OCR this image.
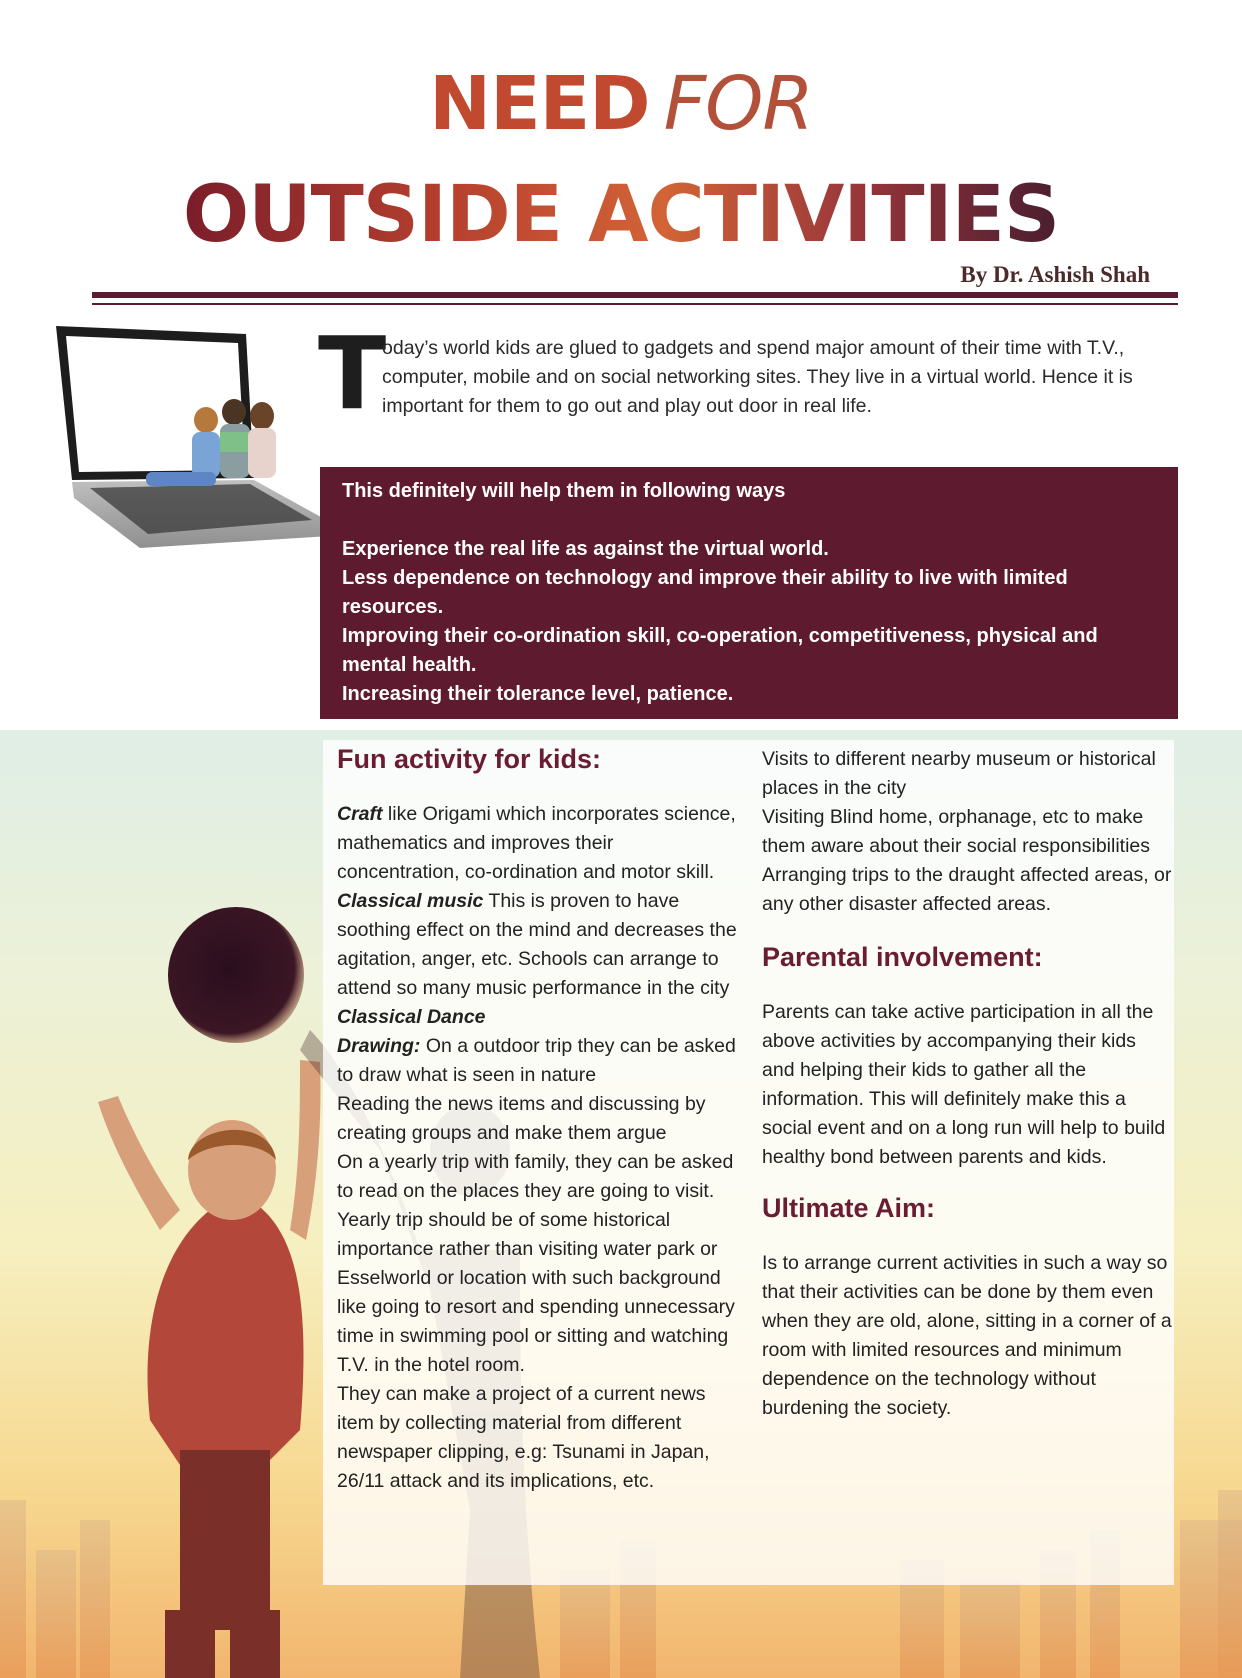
NEED FOR
OUTSIDE ACTIVITIES
By Dr. Ashish Shah
T
oday’s world kids are glued to gadgets and spend major amount of their time with T.V., computer, mobile and on social networking sites. They live in a virtual world. Hence it is important for them to go out and play out door in real life.

This definitely will help them in following ways

Experience the real life as against the virtual world.

Less dependence on technology and improve their ability to live with limited resources.

Improving their co-ordination skill, co-operation, competitiveness, physical and mental health.

Increasing their tolerance level, patience.

Fun activity for kids:

Craft like Origami which incorporates science, mathematics and improves their concentration, co-ordination and motor skill.

Classical music This is proven to have soothing effect on the mind and decreases the agitation, anger, etc. Schools can arrange to attend so many music performance in the city

Classical Dance

Drawing: On a outdoor trip they can be asked to draw what is seen in nature

Reading the news items and discussing by creating groups and make them argue

On a yearly trip with family, they can be asked to read on the places they are going to visit. Yearly trip should be of some historical importance rather than visiting water park or Esselworld or location with such background like going to resort and spending unnecessary time in swimming pool or sitting and watching T.V. in the hotel room.

They can make a project of a current news item by collecting material from different newspaper clipping, e.g: Tsunami in Japan, 26/11 attack and its implications, etc.

Visits to different nearby museum or historical places in the city

Visiting Blind home, orphanage, etc to make them aware about their social responsibilities

Arranging trips to the draught affected areas, or any other disaster affected areas.

Parental involvement:

Parents can take active participation in all the above activities by accompanying their kids and helping their kids to gather all the information. This will definitely make this a social event and on a long run will help to build healthy bond between parents and kids.

Ultimate Aim:

Is to arrange current activities in such a way so that their activities can be done by them even when they are old, alone, sitting in a corner of a room with limited resources and minimum dependence on the technology without burdening the society.
